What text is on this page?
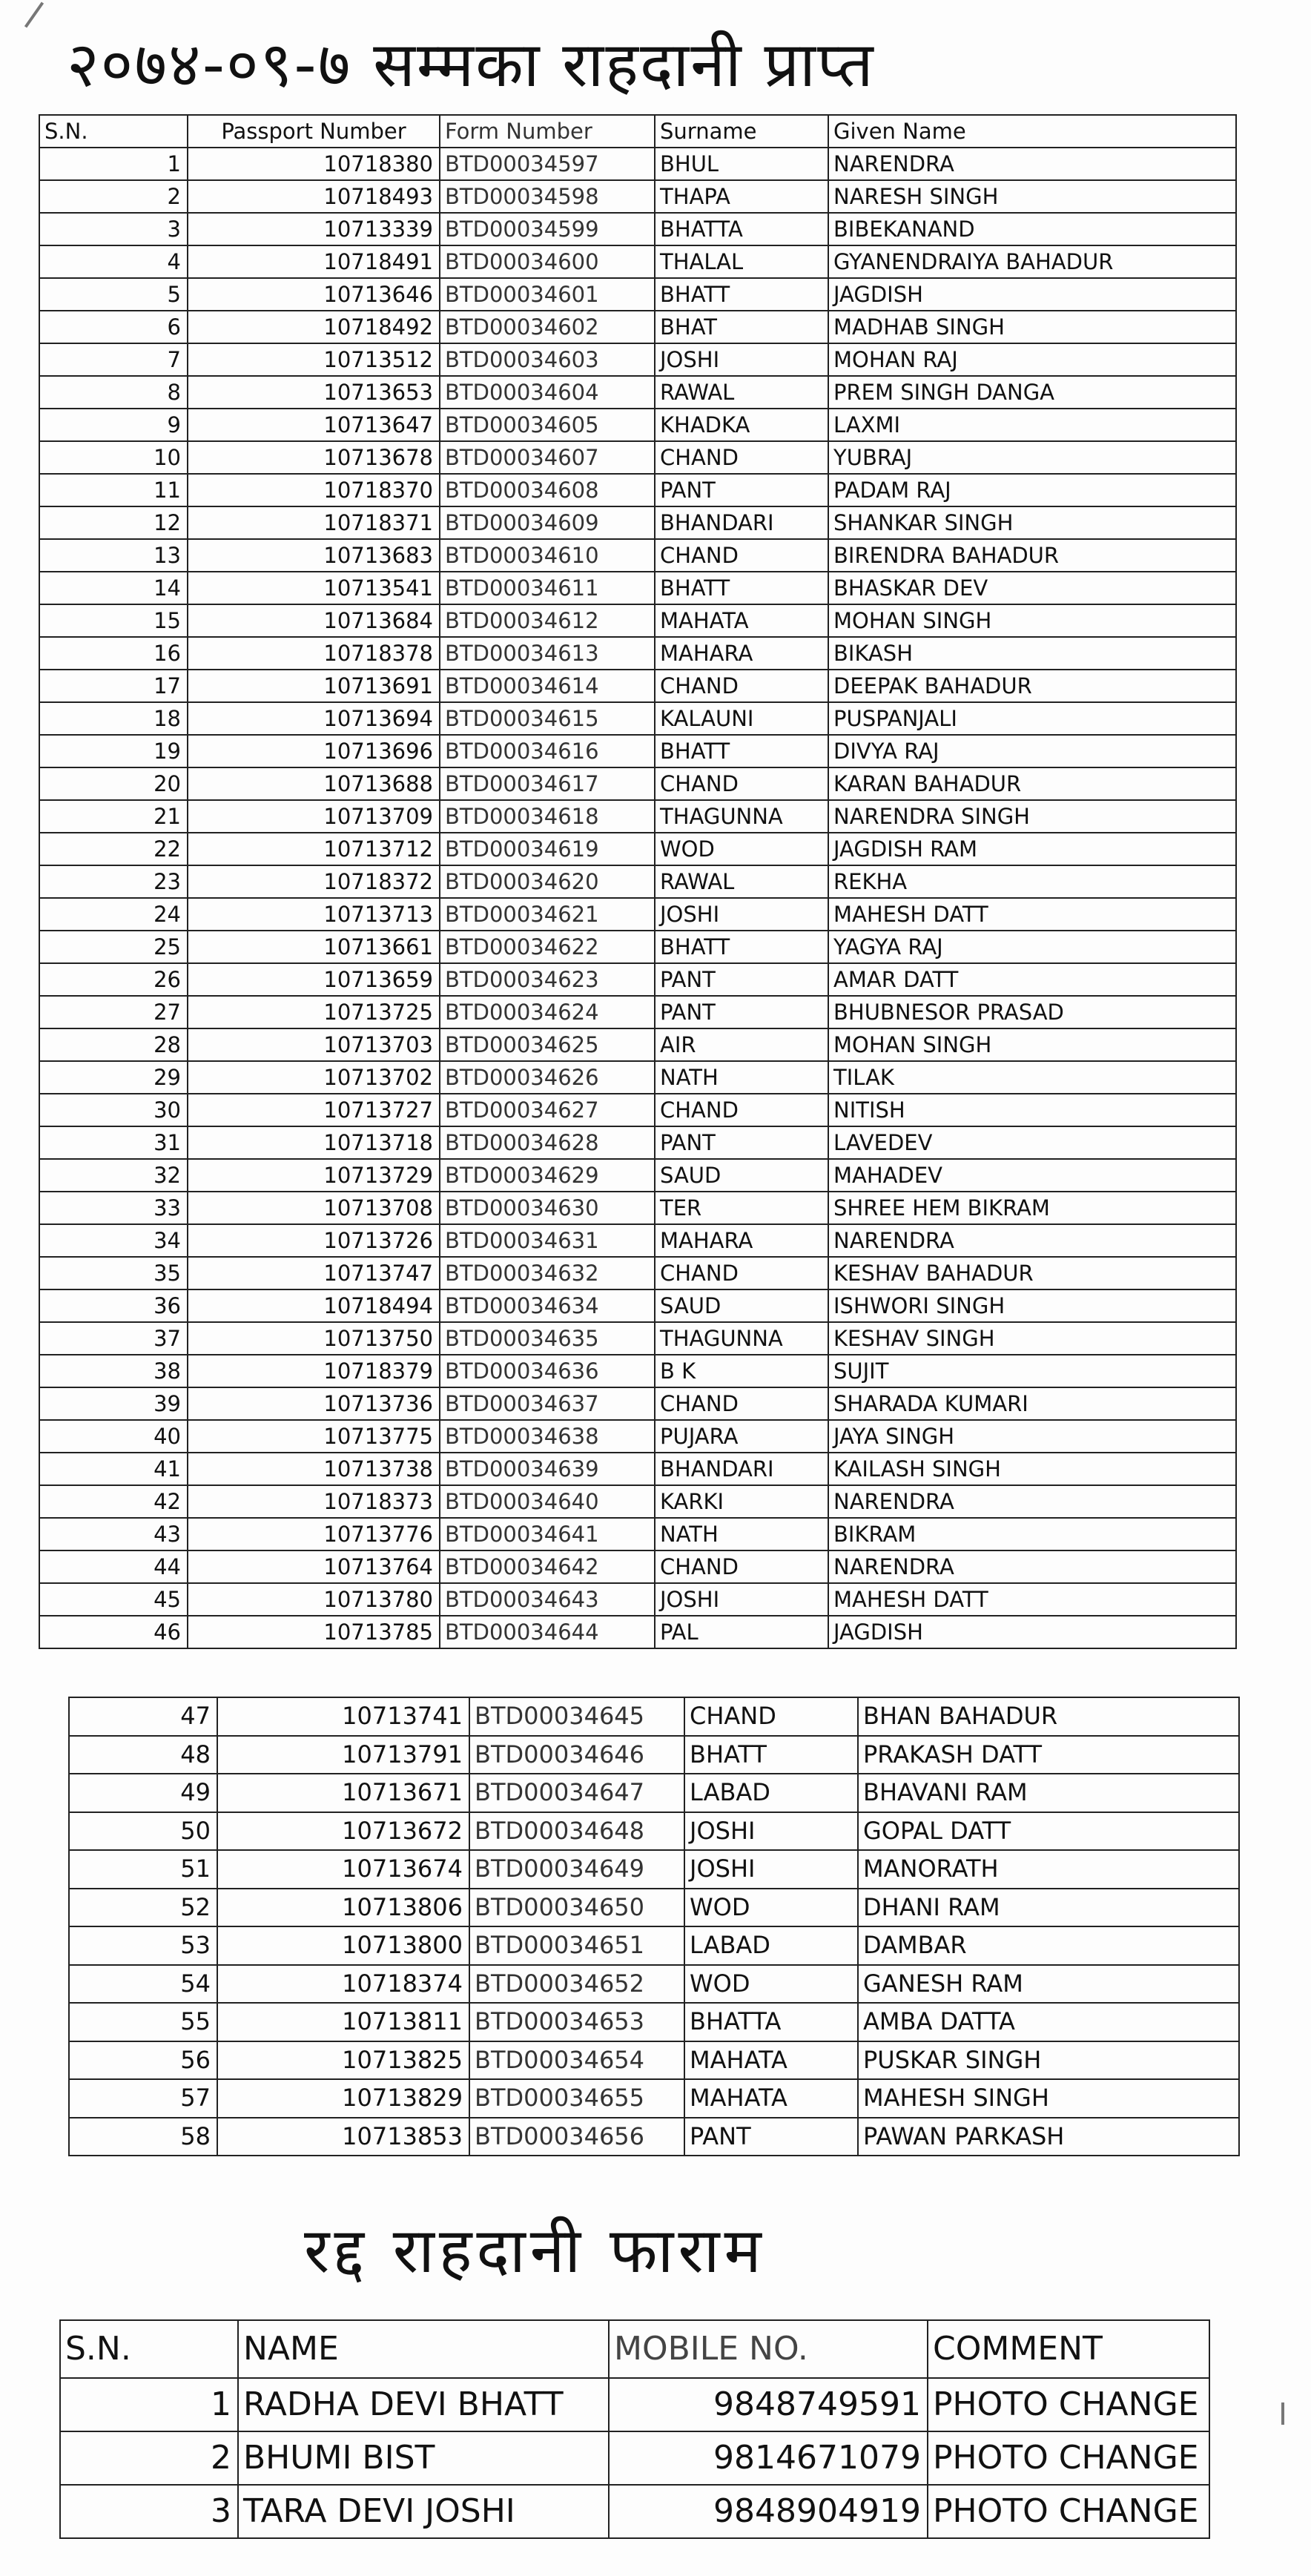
२०७४-०९-७ सम्मका राहदानी प्राप्त
S.N.	Passport Number	Form Number	Surname	Given Name
1	10718380	BTD00034597	BHUL	NARENDRA
2	10718493	BTD00034598	THAPA	NARESH SINGH
3	10713339	BTD00034599	BHATTA	BIBEKANAND
4	10718491	BTD00034600	THALAL	GYANENDRAIYA BAHADUR
5	10713646	BTD00034601	BHATT	JAGDISH
6	10718492	BTD00034602	BHAT	MADHAB SINGH
7	10713512	BTD00034603	JOSHI	MOHAN RAJ
8	10713653	BTD00034604	RAWAL	PREM SINGH DANGA
9	10713647	BTD00034605	KHADKA	LAXMI
10	10713678	BTD00034607	CHAND	YUBRAJ
11	10718370	BTD00034608	PANT	PADAM RAJ
12	10718371	BTD00034609	BHANDARI	SHANKAR SINGH
13	10713683	BTD00034610	CHAND	BIRENDRA BAHADUR
14	10713541	BTD00034611	BHATT	BHASKAR DEV
15	10713684	BTD00034612	MAHATA	MOHAN SINGH
16	10718378	BTD00034613	MAHARA	BIKASH
17	10713691	BTD00034614	CHAND	DEEPAK BAHADUR
18	10713694	BTD00034615	KALAUNI	PUSPANJALI
19	10713696	BTD00034616	BHATT	DIVYA RAJ
20	10713688	BTD00034617	CHAND	KARAN BAHADUR
21	10713709	BTD00034618	THAGUNNA	NARENDRA SINGH
22	10713712	BTD00034619	WOD	JAGDISH RAM
23	10718372	BTD00034620	RAWAL	REKHA
24	10713713	BTD00034621	JOSHI	MAHESH DATT
25	10713661	BTD00034622	BHATT	YAGYA RAJ
26	10713659	BTD00034623	PANT	AMAR DATT
27	10713725	BTD00034624	PANT	BHUBNESOR PRASAD
28	10713703	BTD00034625	AIR	MOHAN SINGH
29	10713702	BTD00034626	NATH	TILAK
30	10713727	BTD00034627	CHAND	NITISH
31	10713718	BTD00034628	PANT	LAVEDEV
32	10713729	BTD00034629	SAUD	MAHADEV
33	10713708	BTD00034630	TER	SHREE HEM BIKRAM
34	10713726	BTD00034631	MAHARA	NARENDRA
35	10713747	BTD00034632	CHAND	KESHAV BAHADUR
36	10718494	BTD00034634	SAUD	ISHWORI SINGH
37	10713750	BTD00034635	THAGUNNA	KESHAV SINGH
38	10718379	BTD00034636	B K	SUJIT
39	10713736	BTD00034637	CHAND	SHARADA KUMARI
40	10713775	BTD00034638	PUJARA	JAYA SINGH
41	10713738	BTD00034639	BHANDARI	KAILASH SINGH
42	10718373	BTD00034640	KARKI	NARENDRA
43	10713776	BTD00034641	NATH	BIKRAM
44	10713764	BTD00034642	CHAND	NARENDRA
45	10713780	BTD00034643	JOSHI	MAHESH DATT
46	10713785	BTD00034644	PAL	JAGDISH
47	10713741	BTD00034645	CHAND	BHAN BAHADUR
48	10713791	BTD00034646	BHATT	PRAKASH DATT
49	10713671	BTD00034647	LABAD	BHAVANI RAM
50	10713672	BTD00034648	JOSHI	GOPAL DATT
51	10713674	BTD00034649	JOSHI	MANORATH
52	10713806	BTD00034650	WOD	DHANI RAM
53	10713800	BTD00034651	LABAD	DAMBAR
54	10718374	BTD00034652	WOD	GANESH RAM
55	10713811	BTD00034653	BHATTA	AMBA DATTA
56	10713825	BTD00034654	MAHATA	PUSKAR SINGH
57	10713829	BTD00034655	MAHATA	MAHESH SINGH
58	10713853	BTD00034656	PANT	PAWAN PARKASH
रद्द राहदानी फाराम
S.N.	NAME	MOBILE NO.	COMMENT
1	RADHA DEVI BHATT	9848749591	PHOTO CHANGE
2	BHUMI BIST	9814671079	PHOTO CHANGE
3	TARA DEVI JOSHI	9848904919	PHOTO CHANGE
